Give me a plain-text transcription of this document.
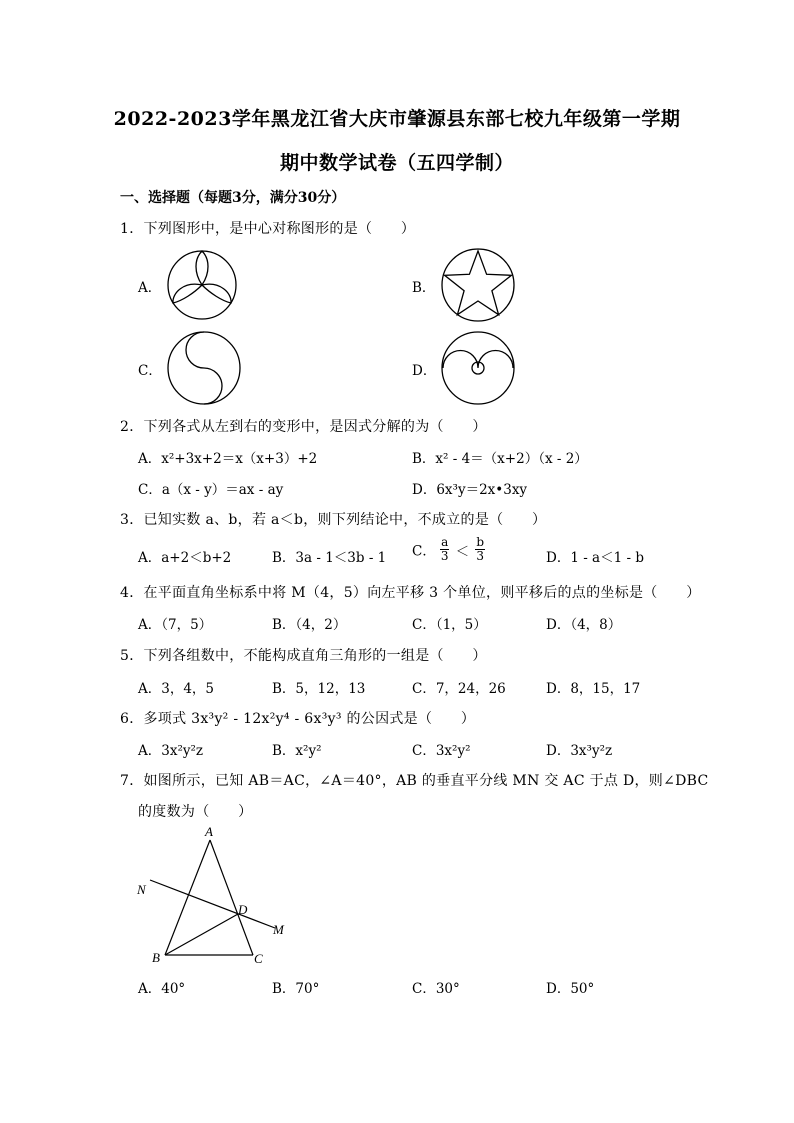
2022-2023学年黑龙江省大庆市肇源县东部七校九年级第一学期
期中数学试卷（五四学制）
一、选择题（每题3分，满分30分）
1．下列图形中，是中心对称图形的是（　　）
A．	B．
C．	D．
2．下列各式从左到右的变形中，是因式分解的为（　　）
A．x²+3x+2＝x（x+3）+2	B．x² - 4＝（x+2）（x - 2）
C．a（x - y）＝ax - ay	D．6x³y＝2x•3xy
3．已知实数 a、b，若 a＜b，则下列结论中，不成立的是（　　）
A．a+2＜b+2	B．3a - 1＜3b - 1 C． $\frac{a}{3} < \frac{b}{3}$	D．1 - a＜1 - b
4．在平面直角坐标系中将 M（4，5）向左平移 3 个单位，则平移后的点的坐标是（　　）
A．（7，5）	B．（4，2）	C．（1，5）	D．（4，8）
5．下列各组数中，不能构成直角三角形的一组是（　　）
A．3，4，5	B．5，12，13	C．7，24，26	D．8，15，17
6．多项式 3x³y² - 12x²y⁴ - 6x³y³ 的公因式是（　　）
A．3x²y²z	B．x²y²	C．3x²y²	D．3x³y²z
7．如图所示，已知 AB＝AC，∠A＝40°，AB 的垂直平分线 MN 交 AC 于点 D，则∠DBC
的度数为（　　）
A
B	C
D
M
N
A．40°	B．70°	C．30°	D．50°
